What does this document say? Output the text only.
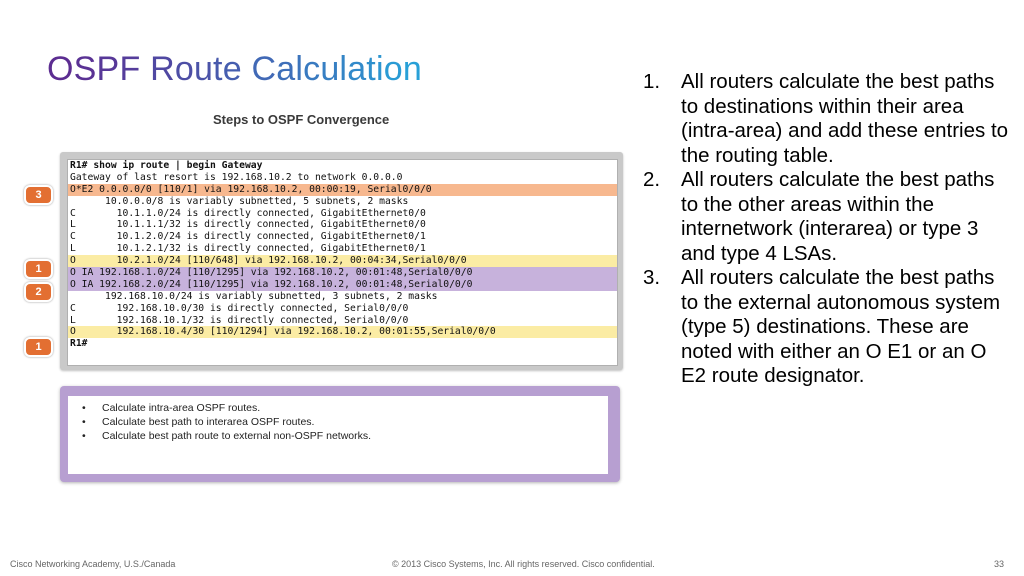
OSPF Route Calculation
Steps to OSPF Convergence
R1# show ip route | begin Gateway
Gateway of last resort is 192.168.10.2 to network 0.0.0.0
O*E2 0.0.0.0/0 [110/1] via 192.168.10.2, 00:00:19, Serial0/0/0
10.0.0.0/8 is variably subnetted, 5 subnets, 2 masks
C       10.1.1.0/24 is directly connected, GigabitEthernet0/0
L       10.1.1.1/32 is directly connected, GigabitEthernet0/0
C       10.1.2.0/24 is directly connected, GigabitEthernet0/1
L       10.1.2.1/32 is directly connected, GigabitEthernet0/1
O       10.2.1.0/24 [110/648] via 192.168.10.2, 00:04:34,Serial0/0/0
O IA 192.168.1.0/24 [110/1295] via 192.168.10.2, 00:01:48,Serial0/0/0
O IA 192.168.2.0/24 [110/1295] via 192.168.10.2, 00:01:48,Serial0/0/0
192.168.10.0/24 is variably subnetted, 3 subnets, 2 masks
C       192.168.10.0/30 is directly connected, Serial0/0/0
L       192.168.10.1/32 is directly connected, Serial0/0/0
O       192.168.10.4/30 [110/1294] via 192.168.10.2, 00:01:55,Serial0/0/0
R1#
3
1
2
1
• Calculate intra-area OSPF routes.
• Calculate best path to interarea OSPF routes.
• Calculate best path route to external non-OSPF networks.
1. All routers calculate the best paths to destinations within their area (intra-area) and add these entries to the routing table.
2. All routers calculate the best paths to the other areas within the internetwork (interarea) or type 3 and type 4 LSAs.
3. All routers calculate the best paths to the external autonomous system (type 5) destinations. These are noted with either an O E1 or an O E2 route designator.
Cisco Networking Academy, U.S./Canada	© 2013 Cisco Systems, Inc. All rights reserved. Cisco confidential.	33
